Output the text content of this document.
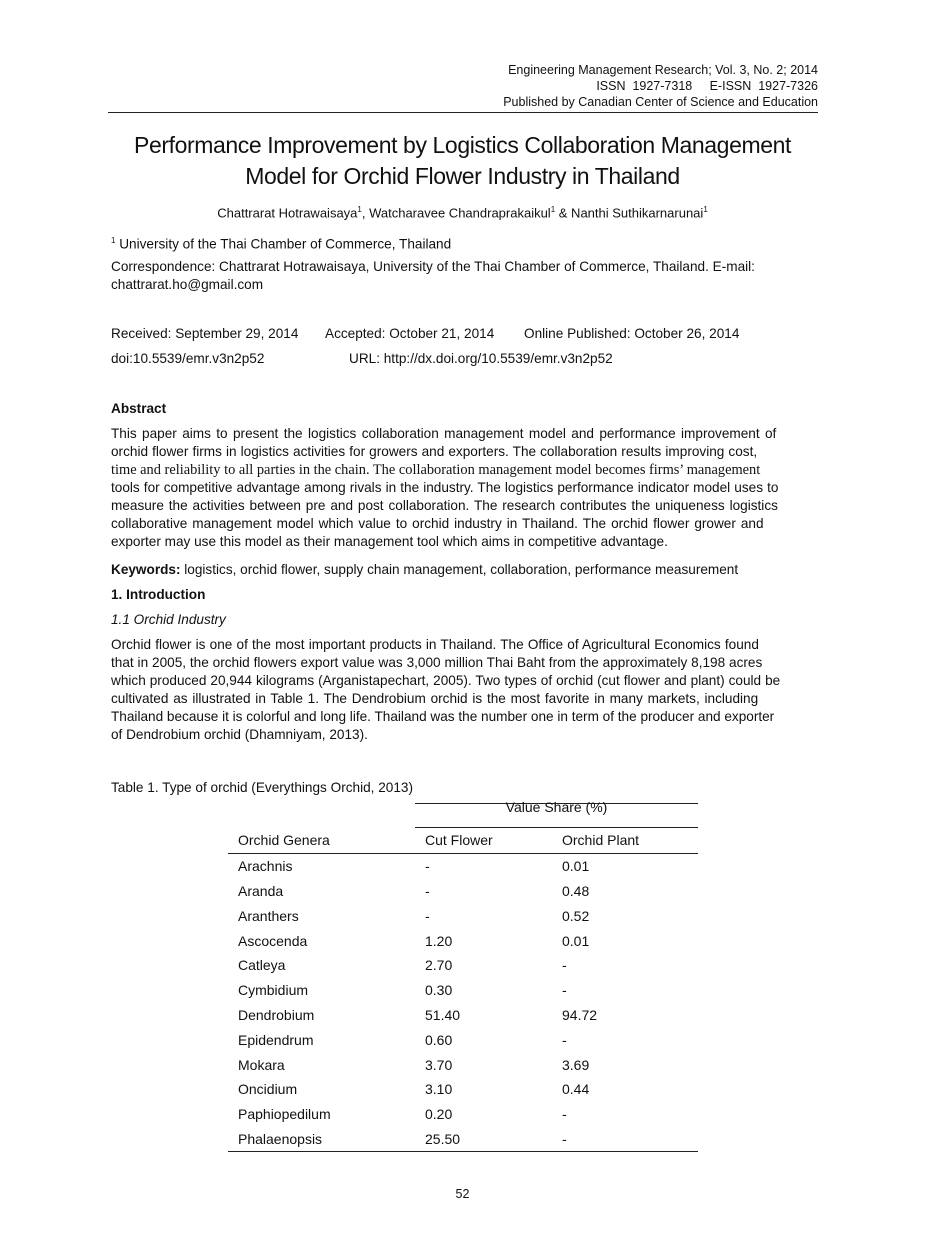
Engineering Management Research; Vol. 3, No. 2; 2014
ISSN  1927-7318     E-ISSN  1927-7326
Published by Canadian Center of Science and Education
Performance Improvement by Logistics Collaboration Management
Model for Orchid Flower Industry in Thailand
Chattrarat Hotrawaisaya$^1$, Watcharavee Chandraprakaikul$^1$ & Nanthi Suthikarnarunai$^1$
$^1$ University of the Thai Chamber of Commerce, Thailand
Correspondence: Chattrarat Hotrawaisaya, University of the Thai Chamber of Commerce, Thailand. E-mail:
chattrarat.ho@gmail.com
Received: September 29, 2014 Accepted: October 21, 2014 Online Published: October 26, 2014
doi:10.5539/emr.v3n2p52	URL: http://dx.doi.org/10.5539/emr.v3n2p52
Abstract
This paper aims to present the logistics collaboration management model and performance improvement of
orchid flower firms in logistics activities for growers and exporters. The collaboration results improving cost,
time and reliability to all parties in the chain. The collaboration management model becomes firms’ management
tools for competitive advantage among rivals in the industry. The logistics performance indicator model uses to
measure the activities between pre and post collaboration. The research contributes the uniqueness logistics
collaborative management model which value to orchid industry in Thailand. The orchid flower grower and
exporter may use this model as their management tool which aims in competitive advantage.
Keywords: logistics, orchid flower, supply chain management, collaboration, performance measurement
1. Introduction
1.1 Orchid Industry
Orchid flower is one of the most important products in Thailand. The Office of Agricultural Economics found
that in 2005, the orchid flowers export value was 3,000 million Thai Baht from the approximately 8,198 acres
which produced 20,944 kilograms (Arganistapechart, 2005). Two types of orchid (cut flower and plant) could be
cultivated as illustrated in Table 1. The Dendrobium orchid is the most favorite in many markets, including
Thailand because it is colorful and long life. Thailand was the number one in term of the producer and exporter
of Dendrobium orchid (Dhamniyam, 2013).
Table 1. Type of orchid (Everythings Orchid, 2013)

	Value Share (%)	

Orchid Genera	Cut Flower	Orchid Plant
Arachnis	-	0.01
Aranda	-	0.48
Aranthers	-	0.52
Ascocenda	1.20	0.01
Catleya	2.70	-
Cymbidium	0.30	-
Dendrobium	51.40	94.72
Epidendrum	0.60	-
Mokara	3.70	3.69
Oncidium	3.10	0.44
Paphiopedilum	0.20	-
Phalaenopsis	25.50	-
52
